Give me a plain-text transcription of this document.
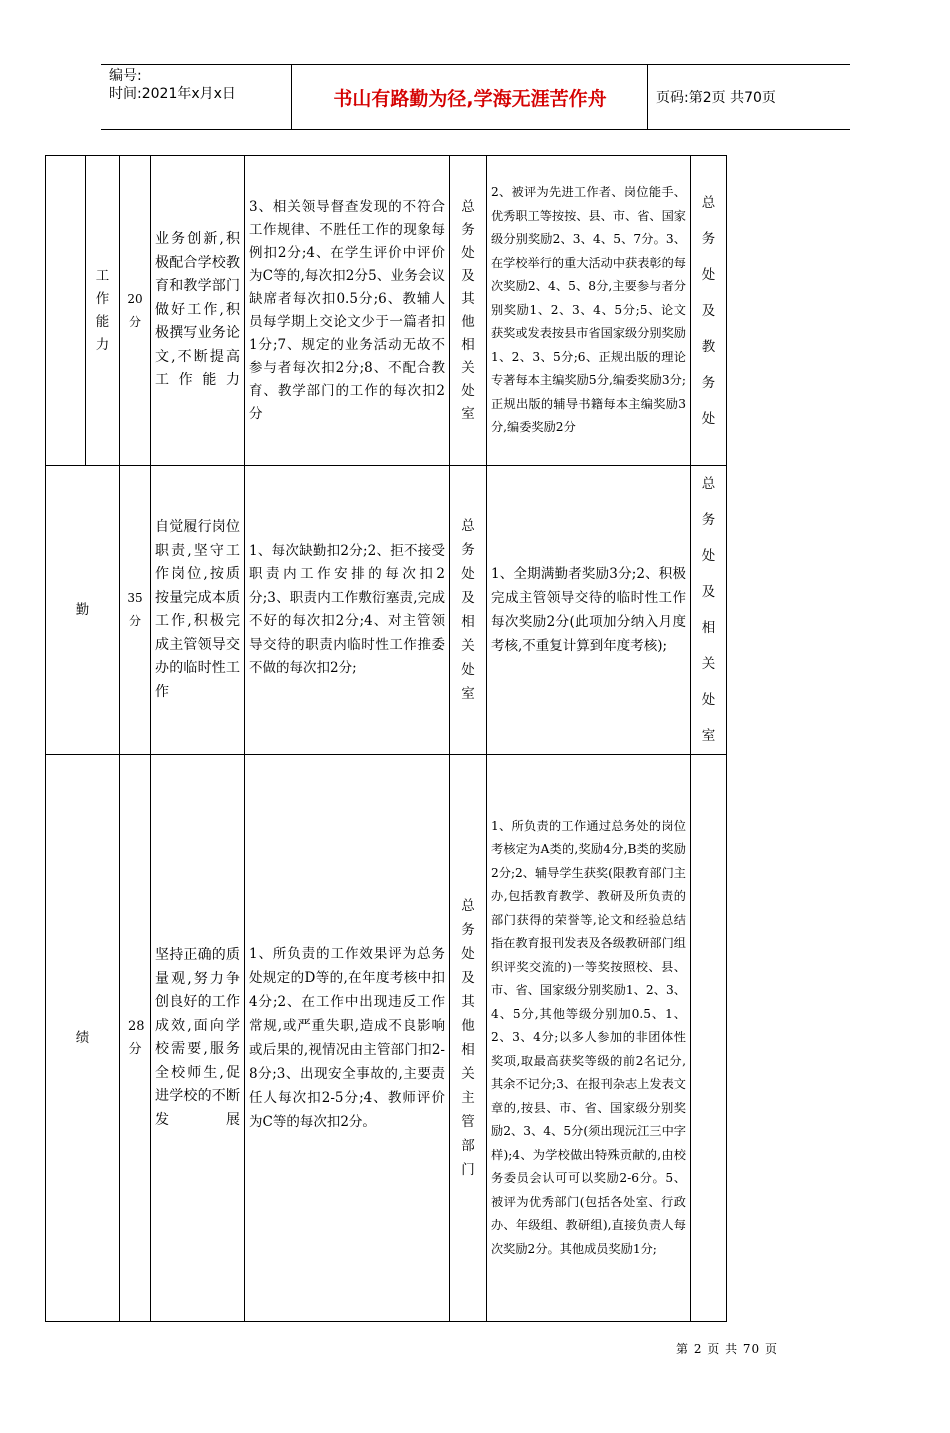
编号:
时间:2021年x月x日	书山有路勤为径,学海无涯苦作舟	页码:第2页 共70页
	工作能力	20分	业务创新,积极配合学校教育和教学部门做好工作,积极撰写业务论文,不断提高工作能力	3、相关领导督查发现的不符合工作规律、不胜任工作的现象每例扣2分;4、在学生评价中评价为C等的,每次扣2分5、业务会议缺席者每次扣0.5分;6、教辅人员每学期上交论文少于一篇者扣1分;7、规定的业务活动无故不参与者每次扣2分;8、不配合教育、教学部门的工作的每次扣2分	总务处及其他相关处室	2、被评为先进工作者、岗位能手、优秀职工等按按、县、市、省、国家级分别奖励2、3、4、5、7分。3、在学校举行的重大活动中获表彰的每次奖励2、4、5、8分,主要参与者分别奖励1、2、3、4、5分;5、论文获奖或发表按县市省国家级分别奖励1、2、3、5分;6、正规出版的理论专著每本主编奖励5分,编委奖励3分;正规出版的辅导书籍每本主编奖励3分,编委奖励2分	总务处及教务处
勤		35分	自觉履行岗位职责,坚守工作岗位,按质按量完成本质工作,积极完成主管领导交办的临时性工作	1、每次缺勤扣2分;2、拒不接受职责内工作安排的每次扣2分;3、职责内工作敷衍塞责,完成不好的每次扣2分;4、对主管领导交待的职责内临时性工作推委不做的每次扣2分;	总务处及相关处室	1、全期满勤者奖励3分;2、积极完成主管领导交待的临时性工作每次奖励2分(此项加分纳入月度考核,不重复计算到年度考核);	总务处及相关处室
绩		28分	坚持正确的质量观,努力争创良好的工作成效,面向学校需要,服务全校师生,促进学校的不断发展	1、所负责的工作效果评为总务处规定的D等的,在年度考核中扣4分;2、在工作中出现违反工作常规,或严重失职,造成不良影响或后果的,视情况由主管部门扣2-8分;3、出现安全事故的,主要责任人每次扣2-5分;4、教师评价为C等的每次扣2分。	总务处及其他相关主管部门	1、所负责的工作通过总务处的岗位考核定为A类的,奖励4分,B类的奖励2分;2、辅导学生获奖(限教育部门主办,包括教育教学、教研及所负责的部门获得的荣誉等,论文和经验总结指在教育报刊发表及各级教研部门组织评奖交流的)一等奖按照校、县、市、省、国家级分别奖励1、2、3、4、5分,其他等级分别加0.5、1、2、3、4分;以多人参加的非团体性奖项,取最高获奖等级的前2名记分,其余不记分;3、在报刊杂志上发表文章的,按县、市、省、国家级分别奖励2、3、4、5分(须出现沅江三中字样);4、为学校做出特殊贡献的,由校务委员会认可可以奖励2-6分。5、被评为优秀部门(包括各处室、行政办、年级组、教研组),直接负责人每次奖励2分。其他成员奖励1分;	
第 2 页 共 70 页
